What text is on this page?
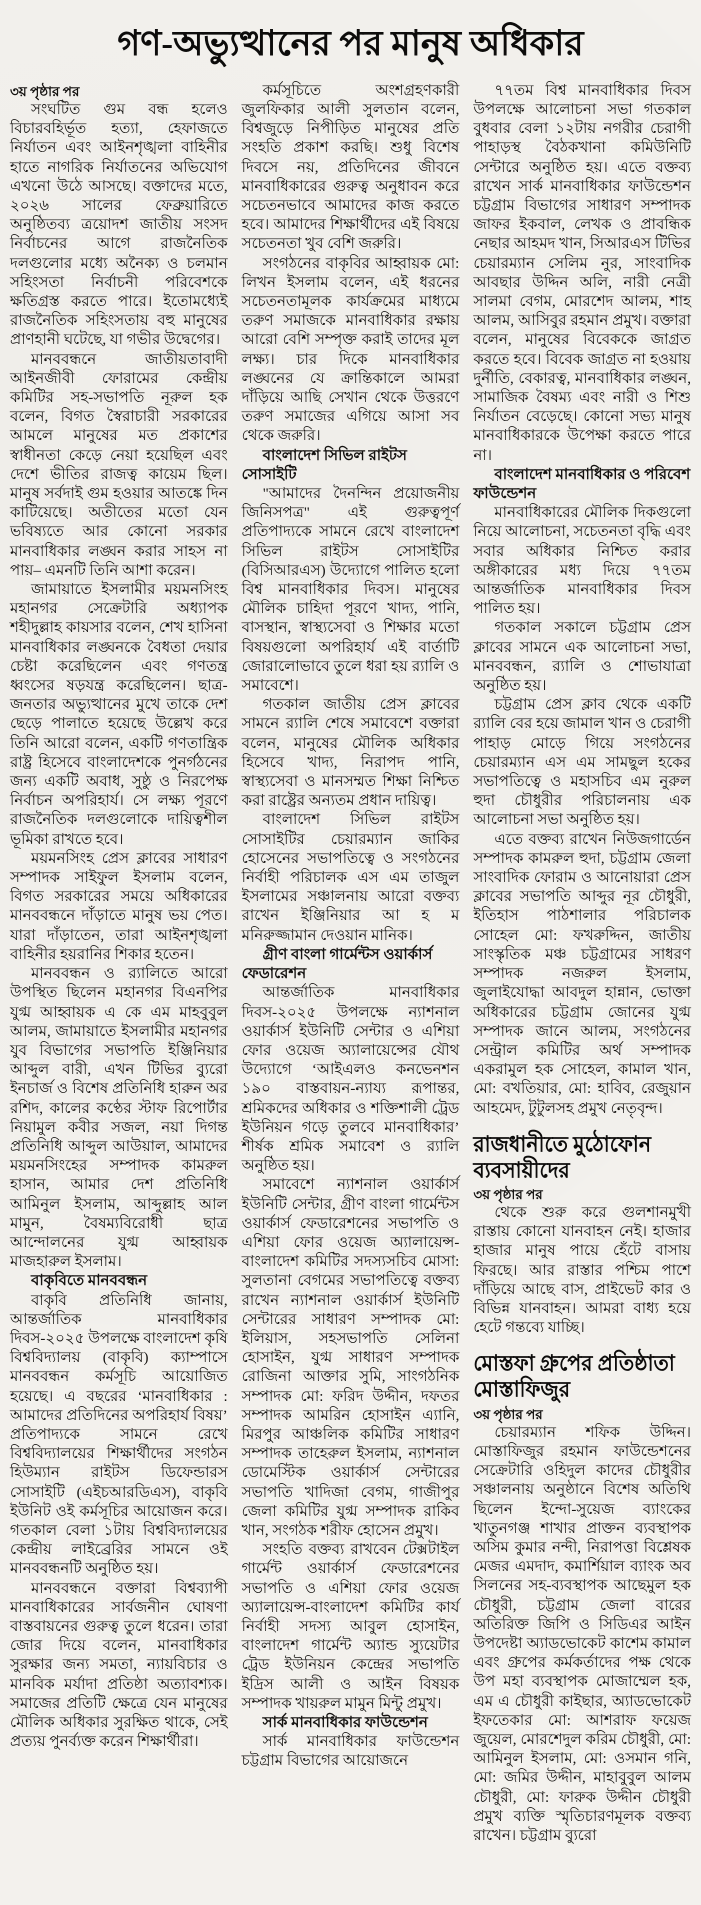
গণ-অভ্যুত্থানের পর মানুষ অধিকার

৩য় পৃষ্ঠার পর

সংঘটিত গুম বন্ধ হলেও বিচারবহির্ভূত হত্যা, হেফাজতে নির্যাতন এবং আইনশৃঙ্খলা বাহিনীর হাতে নাগরিক নির্যাতনের অভিযোগ এখনো উঠে আসছে। বক্তাদের মতে, ২০২৬ সালের ফেব্রুয়ারিতে অনুষ্ঠিতব্য ত্রয়োদশ জাতীয় সংসদ নির্বাচনের আগে রাজনৈতিক দলগুলোর মধ্যে অনৈক্য ও চলমান সহিংসতা নির্বাচনী পরিবেশকে ক্ষতিগ্রস্ত করতে পারে। ইতোমধ্যেই রাজনৈতিক সহিংসতায় বহু মানুষের প্রাণহানী ঘটেছে, যা গভীর উদ্বেগের।

মানববন্ধনে জাতীয়তাবাদী আইনজীবী ফোরামের কেন্দ্রীয় কমিটির সহ-সভাপতি নূরুল হক বলেন, বিগত স্বৈরাচারী সরকারের আমলে মানুষের মত প্রকাশের স্বাধীনতা কেড়ে নেয়া হয়েছিল এবং দেশে ভীতির রাজত্ব কায়েম ছিল। মানুষ সর্বদাই গুম হওয়ার আতঙ্কে দিন কাটিয়েছে। অতীতের মতো যেন ভবিষ্যতে আর কোনো সরকার মানবাধিকার লঙ্ঘন করার সাহস না পায়– এমনটি তিনি আশা করেন।

জামায়াতে ইসলামীর ময়মনসিংহ মহানগর সেক্রেটারি অধ্যাপক শহীদুল্লাহ কায়সার বলেন, শেখ হাসিনা মানবাধিকার লঙ্ঘনকে বৈধতা দেয়ার চেষ্টা করেছিলেন এবং গণতন্ত্র ধ্বংসের ষড়যন্ত্র করেছিলেন। ছাত্র-জনতার অভ্যুত্থানের মুখে তাকে দেশ ছেড়ে পালাতে হয়েছে উল্লেখ করে তিনি আরো বলেন, একটি গণতান্ত্রিক রাষ্ট্র হিসেবে বাংলাদেশকে পুনর্গঠনের জন্য একটি অবাধ, সুষ্ঠু ও নিরপেক্ষ নির্বাচন অপরিহার্য। সে লক্ষ্য পূরণে রাজনৈতিক দলগুলোকে দায়িত্বশীল ভূমিকা রাখতে হবে।

ময়মনসিংহ প্রেস ক্লাবের সাধারণ সম্পাদক সাইফুল ইসলাম বলেন, বিগত সরকারের সময়ে অধিকারের মানববন্ধনে দাঁড়াতে মানুষ ভয় পেত। যারা দাঁড়াতেন, তারা আইনশৃঙ্খলা বাহিনীর হয়রানির শিকার হতেন।

মানববন্ধন ও র‍্যালিতে আরো উপস্থিত ছিলেন মহানগর বিএনপির যুগ্ম আহ্বায়ক এ কে এম মাহবুবুল আলম, জামায়াতে ইসলামীর মহানগর যুব বিভাগের সভাপতি ইঞ্জিনিয়ার আব্দুল বারী, এখন টিভির ব্যুরো ইনচার্জ ও বিশেষ প্রতিনিধি হারুন অর রশিদ, কালের কণ্ঠের স্টাফ রিপোর্টার নিয়ামুল কবীর সজল, নয়া দিগন্ত প্রতিনিধি আব্দুল আউয়াল, আমাদের ময়মনসিংহের সম্পাদক কামরুল হাসান, আমার দেশ প্রতিনিধি আমিনুল ইসলাম, আব্দুল্লাহ আল মামুন, বৈষম্যবিরোধী ছাত্র আন্দোলনের যুগ্ম আহ্বায়ক মাজহারুল ইসলাম।

বাকৃবিতে মানববন্ধন

বাকৃবি প্রতিনিধি জানায়, আন্তর্জাতিক মানবাধিকার দিবস-২০২৫ উপলক্ষে বাংলাদেশ কৃষি বিশ্ববিদ্যালয় (বাকৃবি) ক্যাম্পাসে মানববন্ধন কর্মসূচি আয়োজিত হয়েছে। এ বছরের ‘মানবাধিকার : আমাদের প্রতিদিনের অপরিহার্য বিষয়’ প্রতিপাদ্যকে সামনে রেখে বিশ্ববিদ্যালয়ের শিক্ষার্থীদের সংগঠন হিউম্যান রাইটস ডিফেন্ডারস সোসাইটি (এইচআরডিএস), বাকৃবি ইউনিট ওই কর্মসূচির আয়োজন করে। গতকাল বেলা ১টায় বিশ্ববিদ্যালয়ের কেন্দ্রীয় লাইব্রেরির সামনে ওই মানববন্ধনটি অনুষ্ঠিত হয়।

মানববন্ধনে বক্তারা বিশ্বব্যাপী মানবাধিকারের সার্বজনীন ঘোষণা বাস্তবায়নের গুরুত্ব তুলে ধরেন। তারা জোর দিয়ে বলেন, মানবাধিকার সুরক্ষার জন্য সমতা, ন্যায়বিচার ও মানবিক মর্যাদা প্রতিষ্ঠা অত্যাবশ্যক। সমাজের প্রতিটি ক্ষেত্রে যেন মানুষের মৌলিক অধিকার সুরক্ষিত থাকে, সেই প্রত্যয় পুনর্ব্যক্ত করেন শিক্ষার্থীরা।

কর্মসূচিতে অংশগ্রহণকারী জুলফিকার আলী সুলতান বলেন, বিশ্বজুড়ে নিপীড়িত মানুষের প্রতি সংহতি প্রকাশ করছি। শুধু বিশেষ দিবসে নয়, প্রতিদিনের জীবনে মানবাধিকারের গুরুত্ব অনুধাবন করে সচেতনভাবে আমাদের কাজ করতে হবে। আমাদের শিক্ষার্থীদের এই বিষয়ে সচেতনতা খুব বেশি জরুরি।

সংগঠনের বাকৃবির আহ্বায়ক মো: লিখন ইসলাম বলেন, এই ধরনের সচেতনতামূলক কার্যক্রমের মাধ্যমে তরুণ সমাজকে মানবাধিকার রক্ষায় আরো বেশি সম্পৃক্ত করাই তাদের মূল লক্ষ্য। চার দিকে মানবাধিকার লঙ্ঘনের যে ক্রান্তিকালে আমরা দাঁড়িয়ে আছি সেখান থেকে উত্তরণে তরুণ সমাজের এগিয়ে আসা সব থেকে জরুরি।

বাংলাদেশ সিভিল রাইটস সোসাইটি

"আমাদের দৈনন্দিন প্রয়োজনীয় জিনিসপত্র" এই গুরুত্বপূর্ণ প্রতিপাদ্যকে সামনে রেখে বাংলাদেশ সিভিল রাইটস সোসাইটির (বিসিআরএস) উদ্যোগে পালিত হলো বিশ্ব মানবাধিকার দিবস। মানুষের মৌলিক চাহিদা পূরণে খাদ্য, পানি, বাসস্থান, স্বাস্থ্যসেবা ও শিক্ষার মতো বিষয়গুলো অপরিহার্য এই বার্তাটি জোরালোভাবে তুলে ধরা হয় র‍্যালি ও সমাবেশে।

গতকাল জাতীয় প্রেস ক্লাবের সামনে র‍্যালি শেষে সমাবেশে বক্তারা বলেন, মানুষের মৌলিক অধিকার হিসেবে খাদ্য, নিরাপদ পানি, স্বাস্থ্যসেবা ও মানসম্মত শিক্ষা নিশ্চিত করা রাষ্ট্রের অন্যতম প্রধান দায়িত্ব।

বাংলাদেশ সিভিল রাইটস সোসাইটির চেয়ারম্যান জাকির হোসেনের সভাপতিত্বে ও সংগঠনের নির্বাহী পরিচালক এস এম তাজুল ইসলামের সঞ্চালনায় আরো বক্তব্য রাখেন ইঞ্জিনিয়ার আ হ ম মনিরুজ্জামান দেওয়ান মানিক।

গ্রীণ বাংলা গার্মেন্টস ওয়ার্কার্স ফেডারেশন

আন্তর্জাতিক মানবাধিকার দিবস-২০২৫ উপলক্ষে ন্যাশনাল ওয়ার্কার্স ইউনিটি সেন্টার ও এশিয়া ফোর ওয়েজ অ্যালায়েন্সের যৌথ উদ্যোগে ‘আইএলও কনভেনশন ১৯০ বাস্তবায়ন-ন্যায্য রূপান্তর, শ্রমিকদের অধিকার ও শক্তিশালী ট্রেড ইউনিয়ন গড়ে তুলবে মানবাধিকার’ শীর্ষক শ্রমিক সমাবেশ ও র‍্যালি অনুষ্ঠিত হয়।

সমাবেশে ন্যাশনাল ওয়ার্কার্স ইউনিটি সেন্টার, গ্রীণ বাংলা গার্মেন্টস ওয়ার্কার্স ফেডারেশনের সভাপতি ও এশিয়া ফোর ওয়েজ অ্যালায়েন্স-বাংলাদেশ কমিটির সদস্যসচিব মোসা: সুলতানা বেগমের সভাপতিত্বে বক্তব্য রাখেন ন্যাশনাল ওয়ার্কার্স ইউনিটি সেন্টারের সাধারণ সম্পাদক মো: ইলিয়াস, সহসভাপতি সেলিনা হোসাইন, যুগ্ম সাধারণ সম্পাদক রোজিনা আক্তার সুমি, সাংগঠনিক সম্পাদক মো: ফরিদ উদ্দীন, দফতর সম্পাদক আমরিন হোসাইন এ্যানি, মিরপুর আঞ্চলিক কমিটির সাধারণ সম্পাদক তাহেরুল ইসলাম, ন্যাশনাল ডোমেস্টিক ওয়ার্কার্স সেন্টারের সভাপতি খাদিজা বেগম, গাজীপুর জেলা কমিটির যুগ্ম সম্পাদক রাকিব খান, সংগঠক শরীফ হোসেন প্রমুখ।

সংহতি বক্তব্য রাখবেন টেক্সটাইল গার্মেন্ট ওয়ার্কার্স ফেডারেশনের সভাপতি ও এশিয়া ফোর ওয়েজ অ্যালায়েন্স-বাংলাদেশ কমিটির কার্য নির্বাহী সদস্য আবুল হোসাইন, বাংলাদেশ গার্মেন্ট অ্যান্ড স্যুয়েটার ট্রেড ইউনিয়ন কেন্দ্রের সভাপতি ইদ্রিস আলী ও আইন বিষয়ক সম্পাদক খায়রুল মামুন মিন্টু প্রমুখ।

সার্ক মানবাধিকার ফাউন্ডেশন

সার্ক মানবাধিকার ফাউন্ডেশন চট্টগ্রাম বিভাগের আয়োজনে

৭৭তম বিশ্ব মানবাধিকার দিবস উপলক্ষে আলোচনা সভা গতকাল বুধবার বেলা ১২টায় নগরীর চেরাগী পাহাড়স্থ বৈঠকখানা কমিউনিটি সেন্টারে অনুষ্ঠিত হয়। এতে বক্তব্য রাখেন সার্ক মানবাধিকার ফাউন্ডেশন চট্টগ্রাম বিভাগের সাধারণ সম্পাদক জাফর ইকবাল, লেখক ও প্রাবন্ধিক নেছার আহমদ খান, সিআরএস টিভির চেয়ারম্যান সেলিম নুর, সাংবাদিক আবছার উদ্দিন অলি, নারী নেত্রী সালমা বেগম, মোরশেদ আলম, শাহ আলম, আসিবুর রহমান প্রমুখ। বক্তারা বলেন, মানুষের বিবেককে জাগ্রত করতে হবে। বিবেক জাগ্রত না হওয়ায় দুর্নীতি, বেকারত্ব, মানবাধিকার লঙ্ঘন, সামাজিক বৈষম্য এবং নারী ও শিশু নির্যাতন বেড়েছে। কোনো সভ্য মানুষ মানবাধিকারকে উপেক্ষা করতে পারে না।

বাংলাদেশ মানবাধিকার ও পরিবেশ ফাউন্ডেশন

মানবাধিকারের মৌলিক দিকগুলো নিয়ে আলোচনা, সচেতনতা বৃদ্ধি এবং সবার অধিকার নিশ্চিত করার অঙ্গীকারের মধ্য দিয়ে ৭৭তম আন্তর্জাতিক মানবাধিকার দিবস পালিত হয়।

গতকাল সকালে চট্টগ্রাম প্রেস ক্লাবের সামনে এক আলোচনা সভা, মানববন্ধন, র‍্যালি ও শোভাযাত্রা অনুষ্ঠিত হয়।

চট্টগ্রাম প্রেস ক্লাব থেকে একটি র‍্যালি বের হয়ে জামাল খান ও চেরাগী পাহাড় মোড়ে গিয়ে সংগঠনের চেয়ারম্যান এস এম সামছুল হকের সভাপতিত্বে ও মহাসচিব এম নুরুল হুদা চৌধুরীর পরিচালনায় এক আলোচনা সভা অনুষ্ঠিত হয়।

এতে বক্তব্য রাখেন নিউজগার্ডেন সম্পাদক কামরুল হুদা, চট্টগ্রাম জেলা সাংবাদিক ফোরাম ও আনোয়ারা প্রেস ক্লাবের সভাপতি আব্দুর নূর চৌধুরী, ইতিহাস পাঠশালার পরিচালক সোহেল মো: ফখরুদ্দিন, জাতীয় সাংস্কৃতিক মঞ্চ চট্টগ্রামের সাধরণ সম্পাদক নজরুল ইসলাম, জুলাইযোদ্ধা আবদুল হান্নান, ভোক্তা অধিকারের চট্টগ্রাম জোনের যুগ্ম সম্পাদক জানে আলম, সংগঠনের সেন্ট্রাল কমিটির অর্থ সম্পাদক একরামুল হক সোহেল, কামাল খান, মো: বখতিয়ার, মো: হাবিব, রেজুয়ান আহমেদ, টুটুলসহ প্রমুখ নেতৃবৃন্দ।

রাজধানীতে মুঠোফোন ব্যবসায়ীদের

৩য় পৃষ্ঠার পর

থেকে শুরু করে গুলশানমুখী রাস্তায় কোনো যানবাহন নেই। হাজার হাজার মানুষ পায়ে হেঁটে বাসায় ফিরছে। আর রাস্তার পশ্চিম পাশে দাঁড়িয়ে আছে বাস, প্রাইভেট কার ও বিভিন্ন যানবাহন। আমরা বাধ্য হয়ে হেটে গন্তব্যে যাচ্ছি।

মোস্তফা গ্রুপের প্রতিষ্ঠাতা মোস্তাফিজুর

৩য় পৃষ্ঠার পর

চেয়ারম্যান শফিক উদ্দিন। মোস্তাফিজুর রহমান ফাউন্ডেশনের সেক্রেটারি ওহিদুল কাদের চৌধুরীর সঞ্চালনায় অনুষ্ঠানে বিশেষ অতিথি ছিলেন ইন্দো-সুয়েজ ব্যাংকের খাতুনগঞ্জ শাখার প্রাক্তন ব্যবস্থাপক অসিম কুমার নন্দী, নিরাপত্তা বিশ্লেষক মেজর এমদাদ, কমার্শিয়াল ব্যাংক অব সিলনের সহ-ব্যবস্থাপক আছেমুল হক চৌধুরী, চট্টগ্রাম জেলা বারের অতিরিক্ত জিপি ও সিডিএর আইন উপদেষ্টা অ্যাডভোকেট কাশেম কামাল এবং গ্রুপের কর্মকর্তাদের পক্ষ থেকে উপ মহা ব্যবস্থাপক মোজাম্মেল হক, এম এ চৌধুরী কাইছার, অ্যাডভোকেট ইফতেকার মো: আশরাফ ফয়েজ জুয়েল, মোরশেদুল করিম চৌধুরী, মো: আমিনুল ইসলাম, মো: ওসমান গনি, মো: জমির উদ্দীন, মাহাবুবুল আলম চৌধুরী, মো: ফারুক উদ্দীন চৌধুরী প্রমুখ ব্যক্তি স্মৃতিচারণমূলক বক্তব্য রাখেন। চট্টগ্রাম ব্যুরো
